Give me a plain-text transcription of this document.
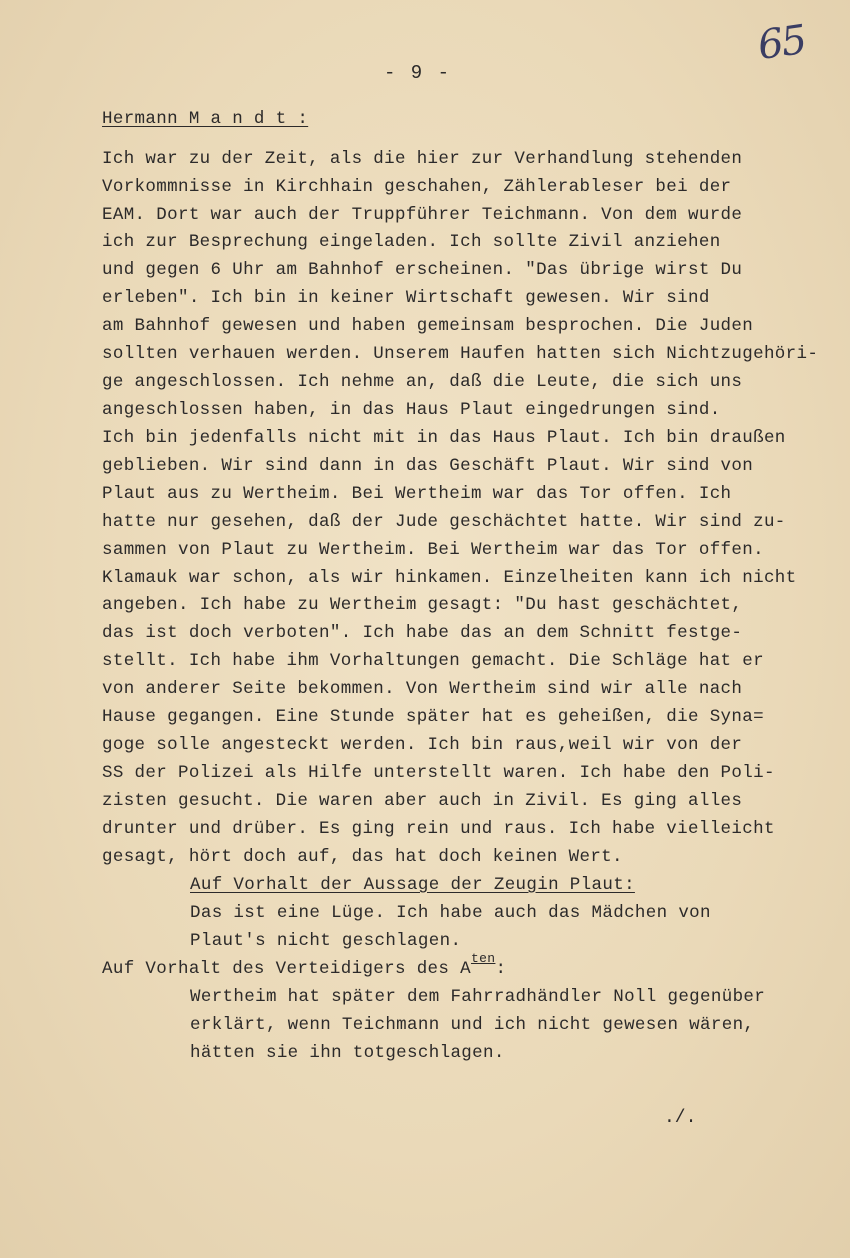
65
- 9 -
Hermann M a n d t :
Ich war zu der Zeit, als die hier zur Verhandlung stehenden
Vorkommnisse in Kirchhain geschahen, Zählerableser bei der
EAM. Dort war auch der Truppführer Teichmann. Von dem wurde
ich zur Besprechung eingeladen. Ich sollte Zivil anziehen
und gegen 6 Uhr am Bahnhof erscheinen. "Das übrige wirst Du
erleben". Ich bin in keiner Wirtschaft gewesen. Wir sind
am Bahnhof gewesen und haben gemeinsam besprochen. Die Juden
sollten verhauen werden. Unserem Haufen hatten sich Nichtzugehöri-
ge angeschlossen. Ich nehme an, daß die Leute, die sich uns
angeschlossen haben, in das Haus Plaut eingedrungen sind.
Ich bin jedenfalls nicht mit in das Haus Plaut. Ich bin draußen
geblieben. Wir sind dann in das Geschäft Plaut. Wir sind von
Plaut aus zu Wertheim. Bei Wertheim war das Tor offen. Ich
hatte nur gesehen, daß der Jude geschächtet hatte. Wir sind zu-
sammen von Plaut zu Wertheim. Bei Wertheim war das Tor offen.
Klamauk war schon, als wir hinkamen. Einzelheiten kann ich nicht
angeben. Ich habe zu Wertheim gesagt: "Du hast geschächtet,
das ist doch verboten". Ich habe das an dem Schnitt festge-
stellt. Ich habe ihm Vorhaltungen gemacht. Die Schläge hat er
von anderer Seite bekommen. Von Wertheim sind wir alle nach
Hause gegangen. Eine Stunde später hat es geheißen, die Syna=
goge solle angesteckt werden. Ich bin raus,weil wir von der
SS der Polizei als Hilfe unterstellt waren. Ich habe den Poli-
zisten gesucht. Die waren aber auch in Zivil. Es ging alles
drunter und drüber. Es ging rein und raus. Ich habe vielleicht
gesagt, hört doch auf, das hat doch keinen Wert.
Auf Vorhalt der Aussage der Zeugin Plaut:
Das ist eine Lüge. Ich habe auch das Mädchen von
Plaut's nicht geschlagen.
Auf Vorhalt des Verteidigers des $A^{ten}$:
Wertheim hat später dem Fahrradhändler Noll gegenüber
erklärt, wenn Teichmann und ich nicht gewesen wären,
hätten sie ihn totgeschlagen.
./.
